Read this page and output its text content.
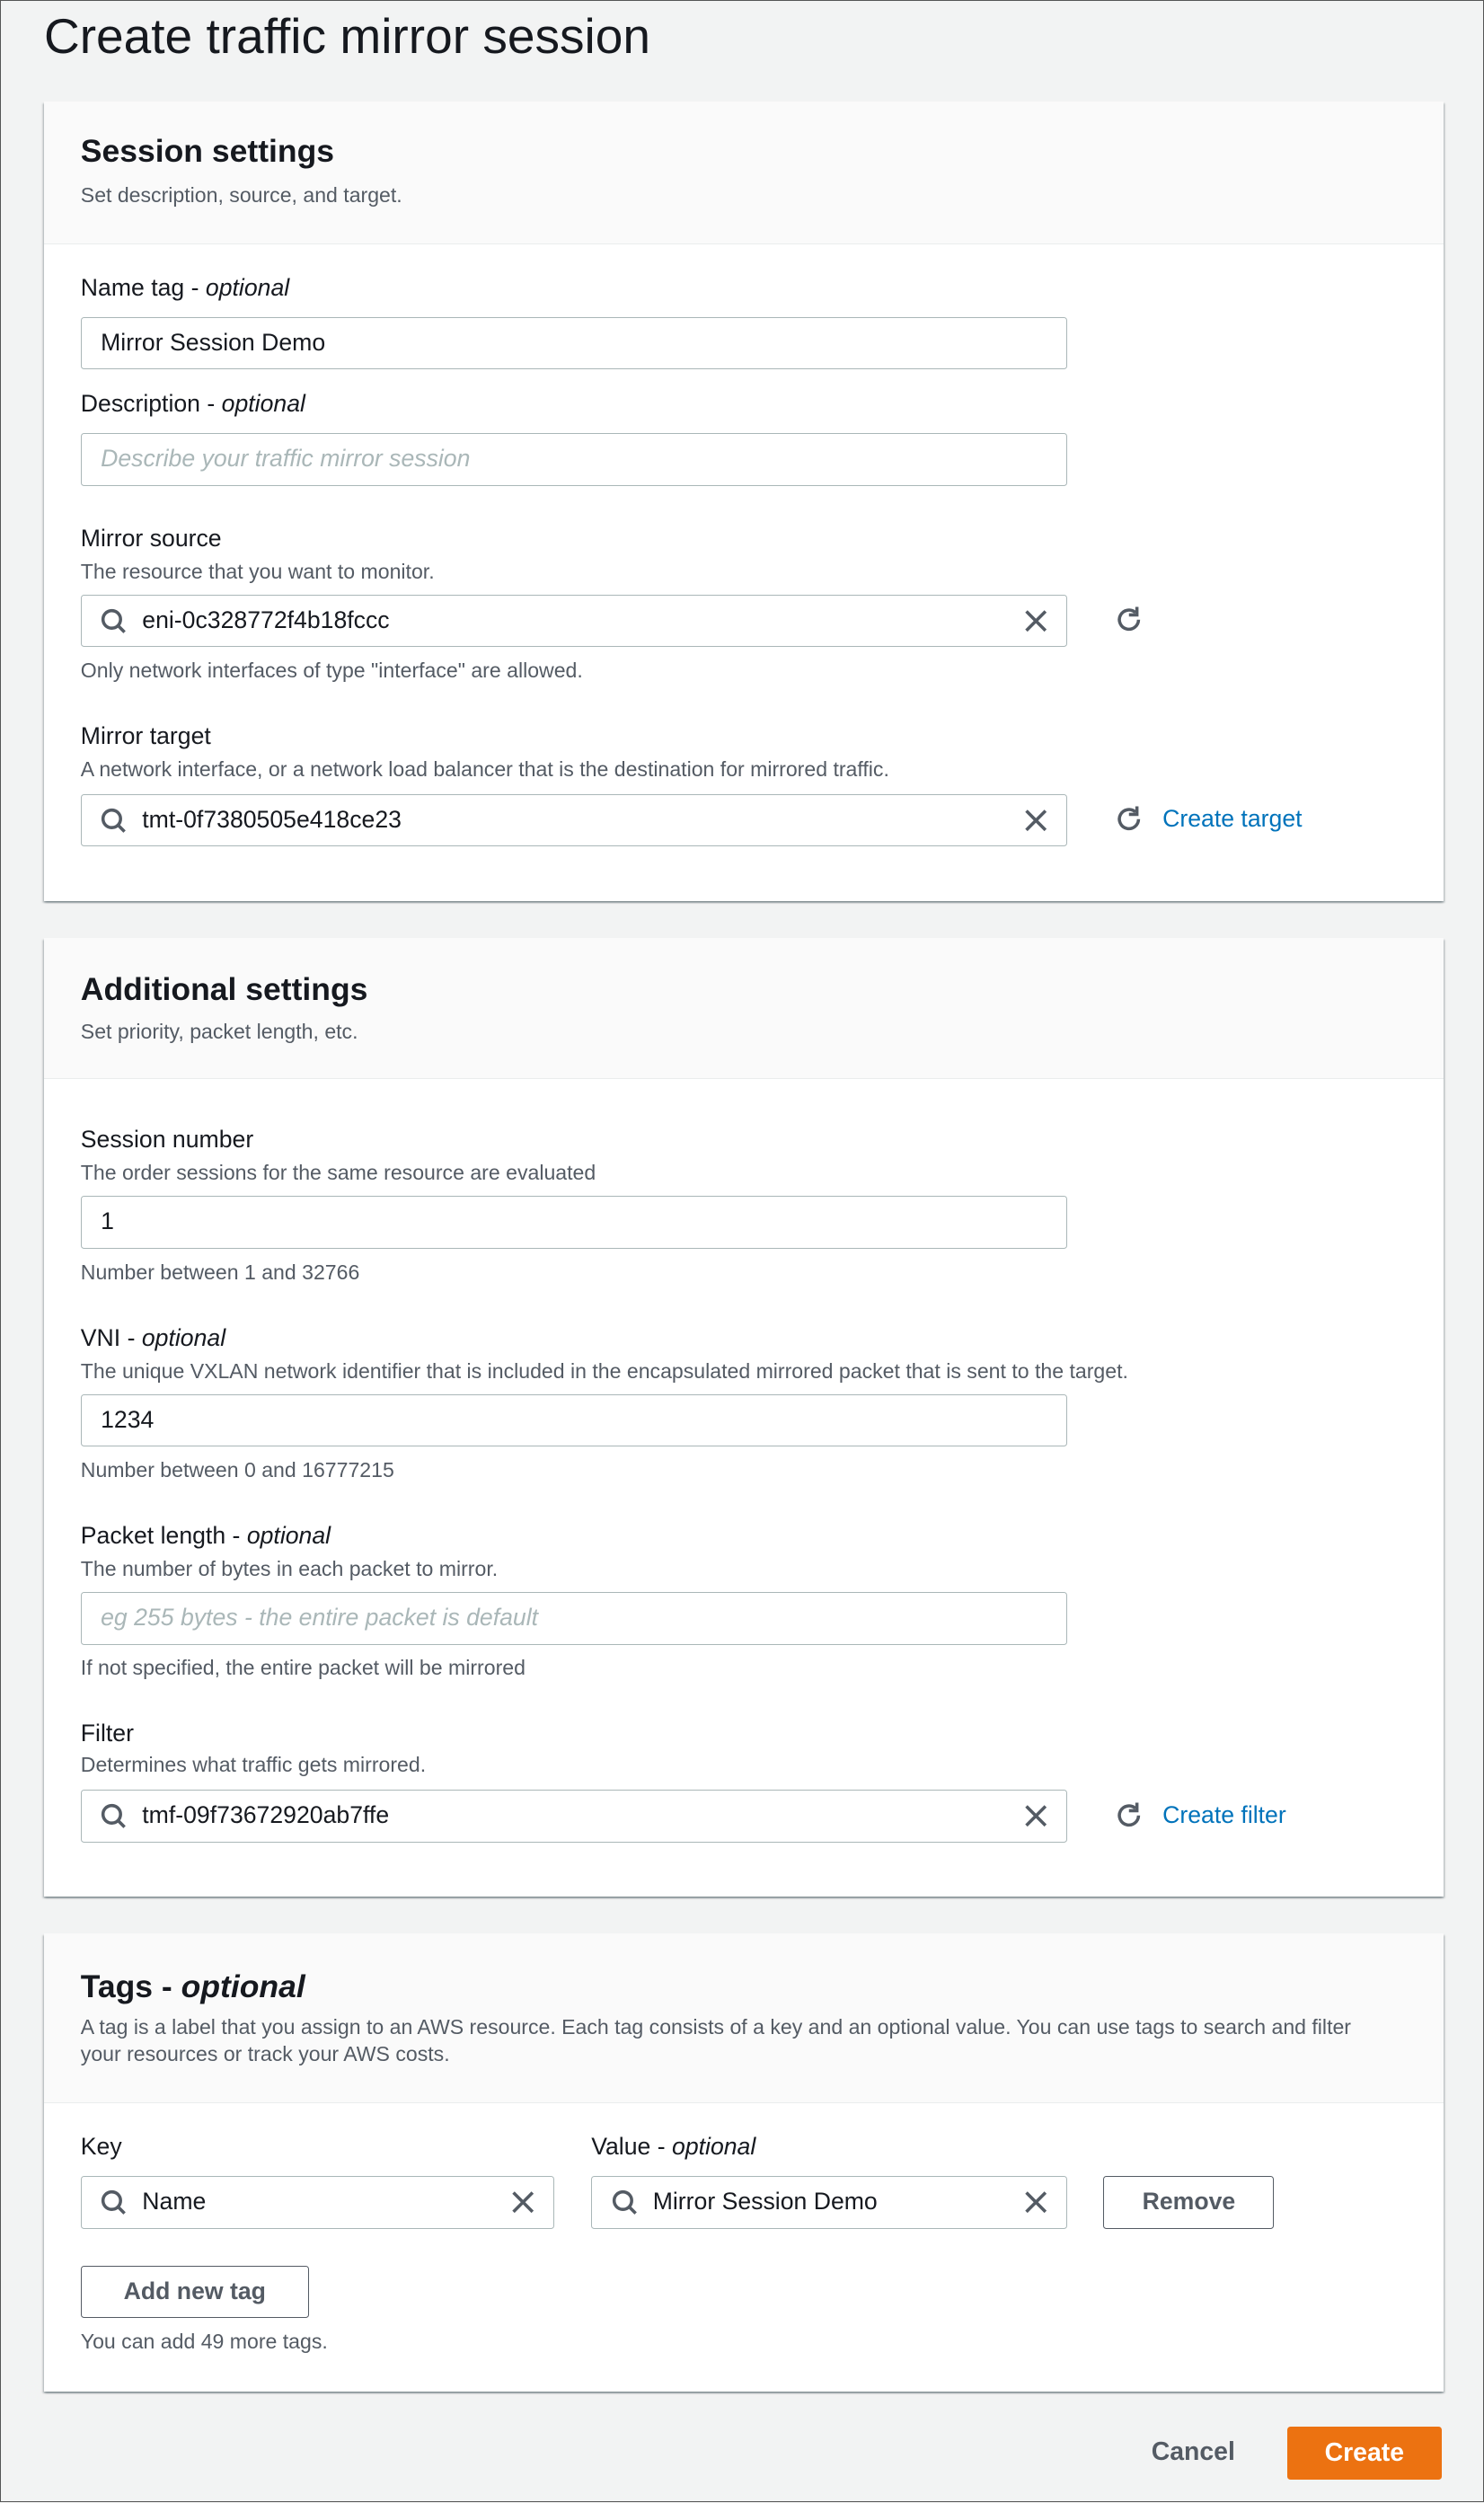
Create traffic mirror session
Session settings
Set description, source, and target.
Name tag - optional
Mirror Session Demo
Description - optional
Describe your traffic mirror session
Mirror source
The resource that you want to monitor.
eni-0c328772f4b18fccc
Only network interfaces of type "interface" are allowed.
Mirror target
A network interface, or a network load balancer that is the destination for mirrored traffic.
tmt-0f7380505e418ce23	Create target
Additional settings
Set priority, packet length, etc.
Session number
The order sessions for the same resource are evaluated
1
Number between 1 and 32766
VNI - optional
The unique VXLAN network identifier that is included in the encapsulated mirrored packet that is sent to the target.
1234
Number between 0 and 16777215
Packet length - optional
The number of bytes in each packet to mirror.
eg 255 bytes - the entire packet is default
If not specified, the entire packet will be mirrored
Filter
Determines what traffic gets mirrored.
tmf-09f73672920ab7ffe	Create filter
Tags - optional
A tag is a label that you assign to an AWS resource. Each tag consists of a key and an optional value. You can use tags to search and filter your resources or track your AWS costs.
Key	Value - optional
Name	Mirror Session Demo	Remove
Add new tag
You can add 49 more tags.
Cancel	Create
